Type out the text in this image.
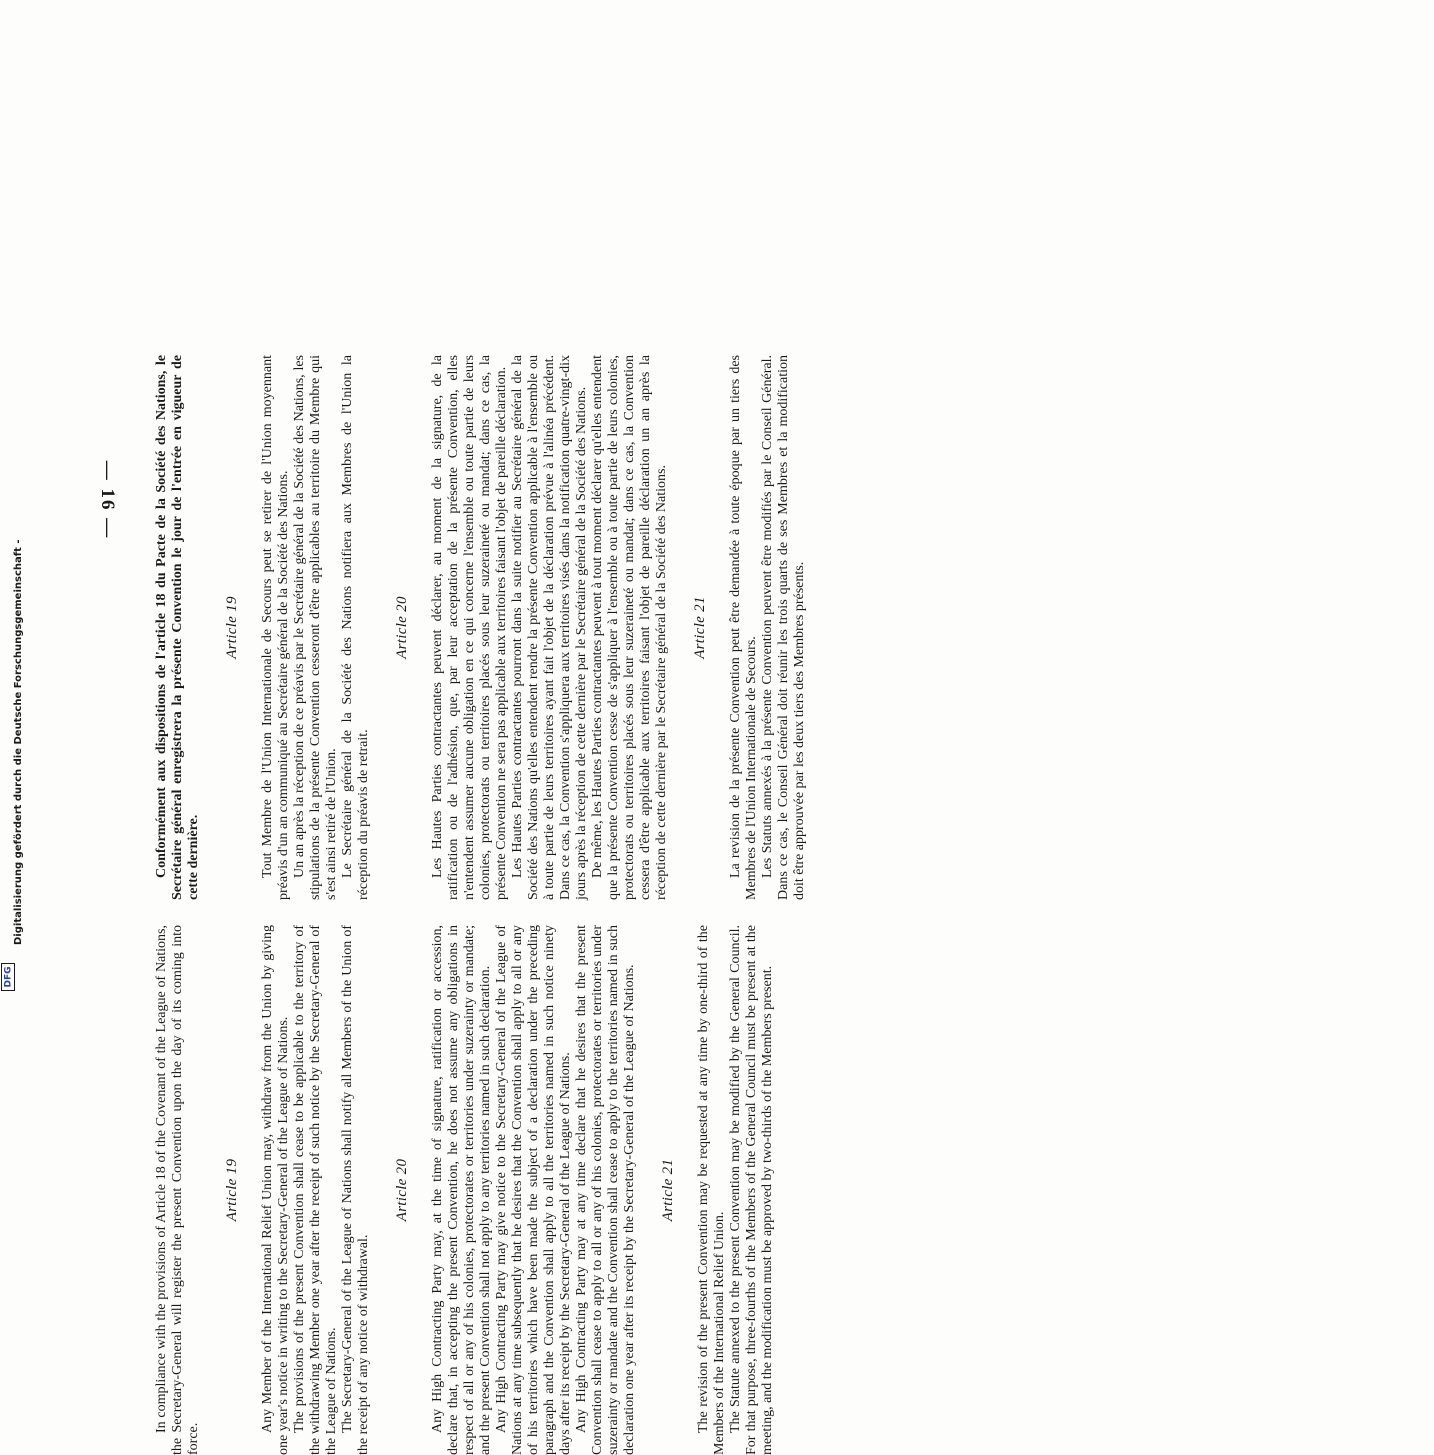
— 16 —	Conformément aux dispositions de l'article 18 du Pacte de la Société des Nations, le Secrétaire général enregistrera la présente Convention le jour de l'entrée en vigueur de cette dernière.

Article 19 Tout Membre de l'Union Internationale de Secours peut se retirer de l'Union moyennant préavis d'un an communiqué au Secrétaire général de la Société des Nations. Un an après la réception de ce préavis par le Secrétaire général de la Société des Nations, les stipulations de la présente Convention cesseront d'être applicables au territoire du Membre qui s'est ainsi retiré de l'Union. Le Secrétaire général de la Société des Nations notifiera aux Membres de l'Union la réception du préavis de retrait.

Article 20 Les Hautes Parties contractantes peuvent déclarer, au moment de la signature, de la ratification ou de l'adhésion, que, par leur acceptation de la présente Convention, elles n'entendent assumer aucune obligation en ce qui concerne l'ensemble ou toute partie de leurs colonies, protectorats ou territoires placés sous leur suzeraineté ou mandat; dans ce cas, la présente Convention ne sera pas applicable aux territoires faisant l'objet de pareille déclaration. Les Hautes Parties contractantes pourront dans la suite notifier au Secrétaire général de la Société des Nations qu'elles entendent rendre la présente Convention applicable à l'ensemble ou à toute partie de leurs territoires ayant fait l'objet de la déclaration prévue à l'alinéa précédent. Dans ce cas, la Convention s'appliquera aux territoires visés dans la notification quatre-vingt-dix jours après la réception de cette dernière par le Secrétaire général de la Société des Nations. De même, les Hautes Parties contractantes peuvent à tout moment déclarer qu'elles entendent que la présente Convention cesse de s'appliquer à l'ensemble ou à toute partie de leurs colonies, protectorats ou territoires placés sous leur suzeraineté ou mandat; dans ce cas, la Convention cessera d'être applicable aux territoires faisant l'objet de pareille déclaration un an après la réception de cette dernière par le Secrétaire général de la Société des Nations. Article 21 La revision de la présente Convention peut être demandée à toute époque par un tiers des Membres de l'Union Internationale de Secours. Les Statuts annexés à la présente Convention peuvent être modifiés par le Conseil Général. Dans ce cas, le Conseil Général doit réunir les trois quarts de ses Membres et la modification doit être approuvée par les deux tiers des Membres présents.

In compliance with the provisions of Article 18 of the Covenant of the League of Nations, the Secretary-General will register the present Convention upon the day of its coming into force.

Article 19 Any Member of the International Relief Union may, withdraw from the Union by giving one year's notice in writing to the Secretary-General of the League of Nations. The provisions of the present Convention shall cease to be applicable to the territory of the withdrawing Member one year after the receipt of such notice by the Secretary-General of the League of Nations. The Secretary-General of the League of Nations shall notify all Members of the Union of the receipt of any notice of withdrawal.

Article 20 Any High Contracting Party may, at the time of signature, ratification or accession, declare that, in accepting the present Convention, he does not assume any obligations in respect of all or any of his colonies, protectorates or territories under suzerainty or mandate; and the present Convention shall not apply to any territories named in such declaration. Any High Contracting Party may give notice to the Secretary-General of the League of Nations at any time subsequently that he desires that the Convention shall apply to all or any of his territories which have been made the subject of a declaration under the preceding paragraph and the Convention shall apply to all the territories named in such notice ninety days after its receipt by the Secretary-General of the League of Nations. Any High Contracting Party may at any time declare that he desires that the present Convention shall cease to apply to all or any of his colonies, protectorates or territories under suzerainty or mandate and the Convention shall cease to apply to the territories named in such declaration one year after its receipt by the Secretary-General of the League of Nations. Article 21 The revision of the present Convention may be requested at any time by one-third of the Members of the International Relief Union. The Statute annexed to the present Convention may be modified by the General Council. For that purpose, three-fourths of the Members of the General Council must be present at the meeting, and the modification must be approved by two-thirds of the Members present.

Digitalisierung gefördert durch die Deutsche Forschungsgemeinschaft -

DFG
